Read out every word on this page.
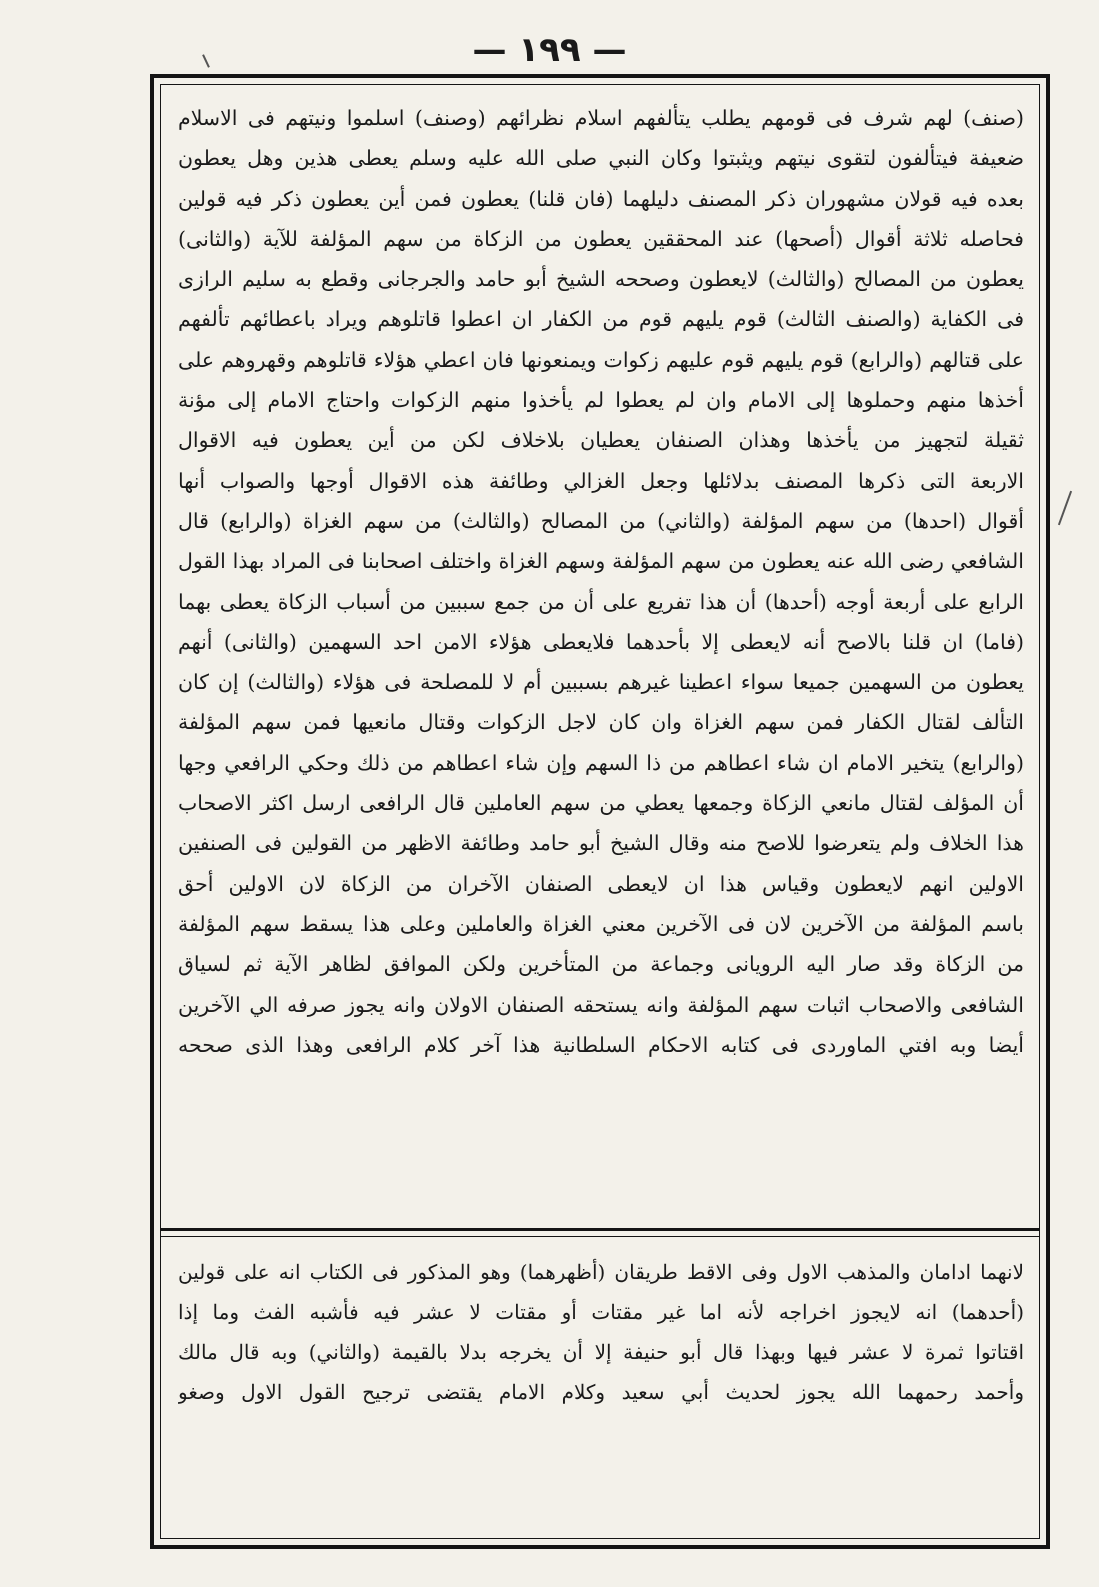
— ١٩٩ —
(صنف) لهم شرف فى قومهم يطلب يتألفهم اسلام نظرائهم (وصنف) اسلموا ونيتهم فى الاسلام
ضعيفة فيتألفون لتقوى نيتهم ويثبتوا وكان النبي صلى الله عليه وسلم يعطى هذين وهل يعطون
بعده فيه قولان مشهوران ذكر المصنف دليلهما (فان قلنا) يعطون فمن أين يعطون ذكر فيه قولين
فحاصله ثلاثة أقوال (أصحها) عند المحققين يعطون من الزكاة من سهم المؤلفة للآية (والثانى)
يعطون من المصالح (والثالث) لايعطون وصححه الشيخ أبو حامد والجرجانى وقطع به سليم الرازى
فى الكفاية (والصنف الثالث) قوم يليهم قوم من الكفار ان اعطوا قاتلوهم ويراد باعطائهم تألفهم
على قتالهم (والرابع) قوم يليهم قوم عليهم زكوات ويمنعونها فان اعطي هؤلاء قاتلوهم وقهروهم على
أخذها منهم وحملوها إلى الامام وان لم يعطوا لم يأخذوا منهم الزكوات واحتاج الامام إلى مؤنة
ثقيلة لتجهيز من يأخذها وهذان الصنفان يعطيان بلاخلاف لكن من أين يعطون فيه الاقوال
الاربعة التى ذكرها المصنف بدلائلها وجعل الغزالي وطائفة هذه الاقوال أوجها والصواب أنها
أقوال (احدها) من سهم المؤلفة (والثاني) من المصالح (والثالث) من سهم الغزاة (والرابع) قال
الشافعي رضى الله عنه يعطون من سهم المؤلفة وسهم الغزاة واختلف اصحابنا فى المراد بهذا القول
الرابع على أربعة أوجه (أحدها) أن هذا تفريع على أن من جمع سببين من أسباب الزكاة يعطى بهما
(فاما) ان قلنا بالاصح أنه لايعطى إلا بأحدهما فلايعطى هؤلاء الامن احد السهمين (والثانى) أنهم
يعطون من السهمين جميعا سواء اعطينا غيرهم بسببين أم لا للمصلحة فى هؤلاء (والثالث) إن كان
التألف لقتال الكفار فمن سهم الغزاة وان كان لاجل الزكوات وقتال مانعيها فمن سهم المؤلفة
(والرابع) يتخير الامام ان شاء اعطاهم من ذا السهم وإن شاء اعطاهم من ذلك وحكي الرافعي وجها
أن المؤلف لقتال مانعي الزكاة وجمعها يعطي من سهم العاملين قال الرافعى ارسل اكثر الاصحاب
هذا الخلاف ولم يتعرضوا للاصح منه وقال الشيخ أبو حامد وطائفة الاظهر من القولين فى الصنفين
الاولين انهم لايعطون وقياس هذا ان لايعطى الصنفان الآخران من الزكاة لان الاولين أحق
باسم المؤلفة من الآخرين لان فى الآخرين معني الغزاة والعاملين وعلى هذا يسقط سهم المؤلفة
من الزكاة وقد صار اليه الرويانى وجماعة من المتأخرين ولكن الموافق لظاهر الآية ثم لسياق
الشافعى والاصحاب اثبات سهم المؤلفة وانه يستحقه الصنفان الاولان وانه يجوز صرفه الي الآخرين
أيضا وبه افتي الماوردى فى كتابه الاحكام السلطانية هذا آخر كلام الرافعى وهذا الذى صححه
لانهما ادامان والمذهب الاول وفى الاقط طريقان (أظهرهما) وهو المذكور فى الكتاب انه على قولين
(أحدهما) انه لايجوز اخراجه لأنه اما غير مقتات أو مقتات لا عشر فيه فأشبه الفث وما إذا
اقتاتوا ثمرة لا عشر فيها وبهذا قال أبو حنيفة إلا أن يخرجه بدلا بالقيمة (والثاني) وبه قال مالك
وأحمد رحمهما الله يجوز لحديث أبي سعيد وكلام الامام يقتضى ترجيح القول الاول وصغو
